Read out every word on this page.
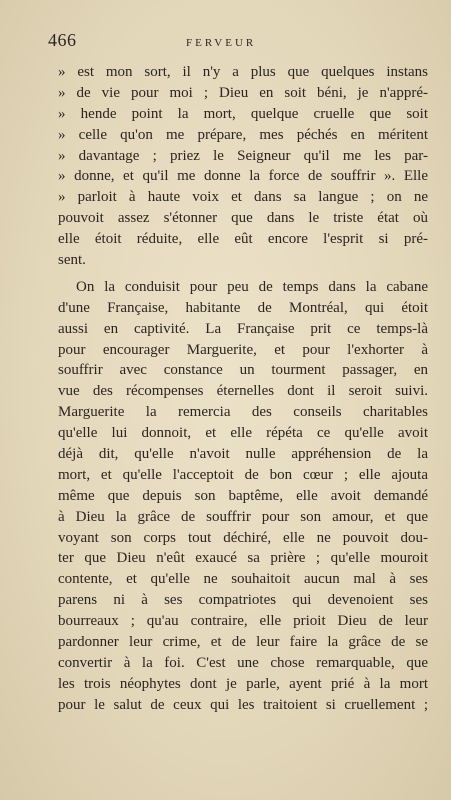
466	FERVEUR
» est mon sort, il n'y a plus que quelques instans
» de vie pour moi ; Dieu en soit béni, je n'appré-
» hende point la mort, quelque cruelle que soit
» celle qu'on me prépare, mes péchés en méritent
» davantage ; priez le Seigneur qu'il me les par-
» donne, et qu'il me donne la force de souffrir ». Elle
» parloit à haute voix et dans sa langue ; on ne
pouvoit assez s'étonner que dans le triste état où
elle étoit réduite, elle eût encore l'esprit si pré-
sent.
On la conduisit pour peu de temps dans la cabane
d'une Française, habitante de Montréal, qui étoit
aussi en captivité. La Française prit ce temps-là
pour encourager Marguerite, et pour l'exhorter à
souffrir avec constance un tourment passager, en
vue des récompenses éternelles dont il seroit suivi.
Marguerite la remercia des conseils charitables
qu'elle lui donnoit, et elle répéta ce qu'elle avoit
déjà dit, qu'elle n'avoit nulle appréhension de la
mort, et qu'elle l'acceptoit de bon cœur ; elle ajouta
même que depuis son baptême, elle avoit demandé
à Dieu la grâce de souffrir pour son amour, et que
voyant son corps tout déchiré, elle ne pouvoit dou-
ter que Dieu n'eût exaucé sa prière ; qu'elle mouroit
contente, et qu'elle ne souhaitoit aucun mal à ses
parens ni à ses compatriotes qui devenoient ses
bourreaux ; qu'au contraire, elle prioit Dieu de leur
pardonner leur crime, et de leur faire la grâce de se
convertir à la foi. C'est une chose remarquable, que
les trois néophytes dont je parle, ayent prié à la mort
pour le salut de ceux qui les traitoient si cruellement ;
